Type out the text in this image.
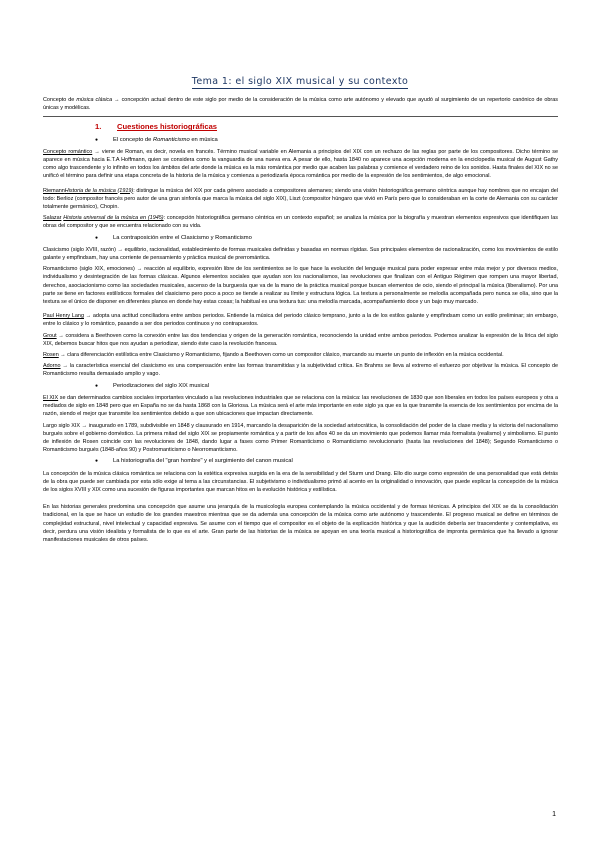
Tema 1: el siglo XIX musical y su contexto

Concepto de música clásica → concepción actual dentro de este siglo por medio de la consideración de la música como arte autónomo y elevado que ayudó al surgimiento de un repertorio canónico de obras únicas y modélicas.

1.	Cuestiones historiográficas
●	El concepto de Romanticismo en música

Concepto romántico → viene de Roman, es decir, novela en francés. Término musical variable en Alemania a principios del XIX con un rechazo de las reglas por parte de los compositores. Dicho término se aparece en música hacia E.T.A Hoffmann, quien se considera como la vanguardia de una nueva era. A pesar de ello, hasta 1840 no aparece una acepción moderna en la enciclopedia musical de August Gathy como algo trascendente y lo infinito en todos los ámbitos del arte donde la música es la más romántica por medio que acaben las palabras y comience el verdadero reino de los sonidos. Hasta finales del XIX no se unificó el término para definir una etapa concreta de la historia de la música y comienza a periodizarla época romántica por medio de la expresión de los sentimientos, de algo emocional.

RiemannHistoria de la música (1919): distingue la música del XIX por cada género asociado a compositores alemanes; siendo una visión historiográfica germano céntrica aunque hay nombres que no encajan del todo: Berlioz (compositor francés pero autor de una gran sinfonía que marca la música del siglo XIX), Liszt (compositor húngaro que vivió en París pero que lo consideraban en la corte de Alemania con su carácter totalmente germánico), Chopin.

Salazar Historia universal de la música en (1945): concepción historiográfica germano céntrica en un contexto español; se analiza la música por la biografía y muestran elementos expresivos que identifiquen las obras del compositor y que se encuentra relacionado con su vida.

●	La contraposición entre el Clasicismo y Romanticismo

Clasicismo (siglo XVIII, razón) → equilibrio, racionalidad, establecimiento de formas musicales definidas y basadas en normas rígidas. Sus principales elementos de racionalización, como los movimientos de estilo galante y empfindsam, hay una corriente de pensamiento y práctica musical de prerromántica.

Romanticismo (siglo XIX, emociones) → reacción al equilibrio, expresión libre de los sentimientos se lo que hace la evolución del lenguaje musical para poder expresar entre más mejor y por diversos medios, individualismo y desintegración de las formas clásicas. Algunos elementos sociales que ayudan son los nacionalismos, las revoluciones que finalizan con el Antiguo Régimen que rompen una mayor libertad, derechos, asociacionismo como las sociedades musicales, ascenso de la burguesía que va de la mano de la práctica musical porque buscan elementos de ocio, siendo el principal la música (liberalismo). Por una parte se tiene en factores estilísticos formales del clasicismo pero poco a poco se tiende a realizar su límite y estructura lógica. La textura a personalmente se melodía acompañada pero nunca se olía, sino que la textura se el único de disponer en diferentes planos en donde hay estas cosas; la habitual es una textura tus: una melodía marcada, acompañamiento doce y un bajo muy marcado.

Paul Henry Lang → adopta una actitud conciliadora entre ambos periodos. Entiende la música del periodo clásico temprano, junto a la de los estilos galante y empfindsam como un estilo preliminar; sin embargo, entre lo clásico y lo romántico, pasando a ser dos periodos continuos y no contrapuestos.

Grout → considera a Beethoven como la conexión entre las dos tendencias y origen de la generación romántica, reconociendo la unidad entre ambos periodos. Podemos analizar la expresión de la lírica del siglo XIX, debemos buscar hitos que nos ayudan a periodizar, siendo éste caso la revolución francesa.

Rosen → clara diferenciación estilística entre Clasicismo y Romanticismo, fijando a Beethoven como un compositor clásico, marcando su muerte un punto de inflexión en la música occidental.

Adorno → la característica esencial del clasicismo es una compensación entre las formas transmitidas y la subjetividad crítica. En Brahms se lleva al extremo el esfuerzo por objetivar la música. El concepto de Romanticismo resulta demasiado amplio y vago.

●	Periodizaciones del siglo XIX musical

El XIX se dan determinados cambios sociales importantes vinculado a las revoluciones industriales que se relaciona con la música: las revoluciones de 1830 que son liberales en todos los países europeos y otra a mediados de siglo en 1848 pero que en España no se da hasta 1868 con la Gloriosa. La música será el arte más importante en este siglo ya que es la que transmite la esencia de los sentimientos por encima de la razón, siendo el mejor que transmite los sentimientos debido a que son ubicaciones que impactan directamente.

Largo siglo XIX → inaugurado en 1789, subdivisible en 1848 y clausurado en 1914, marcando la desaparición de la sociedad aristocrática, la consolidación del poder de la clase media y la victoria del nacionalismo burgués sobre el gobierno doméstico. La primera mitad del siglo XIX se propiamente romántica y a partir de los años 40 se da un movimiento que podemos llamar más formalista (realismo) y simbolismo. El punto de inflexión de Rosen coincide con las revoluciones de 1848, dando lugar a fases como Primer Romanticismo o Romanticismo revolucionario (hasta las revoluciones del 1848); Segundo Romanticismo o Romanticismo burgués (1848-años 90) y Postromanticismo o Neorromanticismo.

●	La historiografía del "gran hombre" y el surgimiento del canon musical

La concepción de la música clásica romántica se relaciona con la estética expresiva surgida en la era de la sensibilidad y del Sturm und Drang. Ello dio surge como expresión de una personalidad que está detrás de la obra que puede ser cambiada por esta sólo exige al tema a las circunstancias. El subjetivismo o individualismo primó al acento en la originalidad o innovación, que puede explicar la concepción de la música de los siglos XVIII y XIX como una sucesión de figuras importantes que marcan hitos en la evolución histórica y estilística.

En las historias generales predomina una concepción que asume una jerarquía de la musicología europea contemplando la música occidental y de formas técnicas. A principios del XIX se da la consolidación tradicional, en la que se hace un estudio de los grandes maestros mientras que se da además una concepción de la música como arte autónomo y trascendente. El progreso musical se define en términos de complejidad estructural, nivel intelectual y capacidad expresiva. Se asume con el tiempo que el compositor es el objeto de la explicación histórica y que la audición debería ser trascendente y contemplativa, es decir, perdura una visión idealista y formalista de lo que es el arte. Gran parte de las historias de la música se apoyan en una teoría musical a historiográfica de impronta germánica que ha llevado a ignorar manifestaciones musicales de otros países.

1
